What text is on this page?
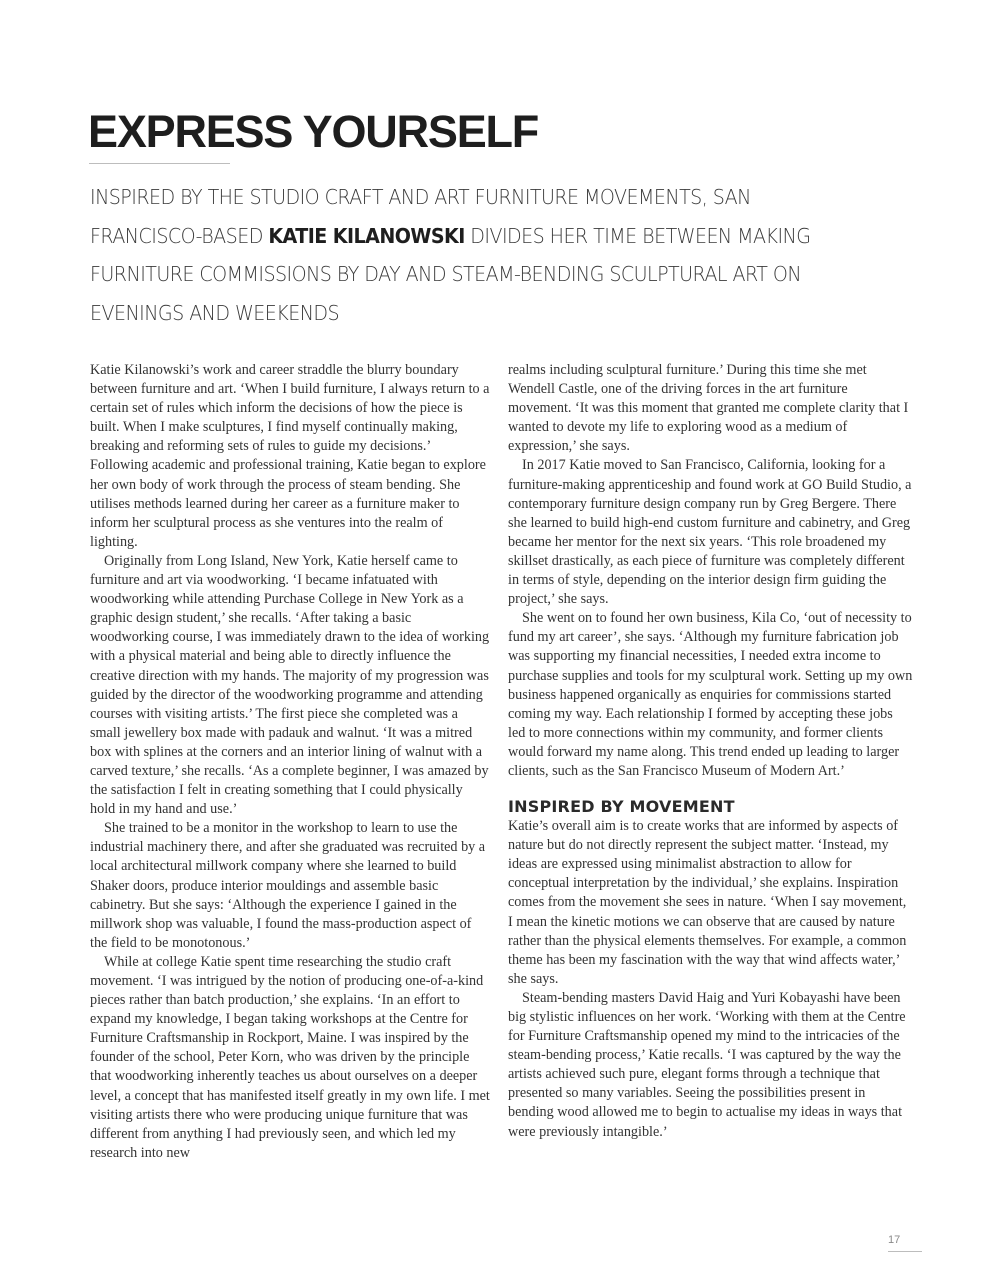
EXPRESS YOURSELF

INSPIRED BY THE STUDIO CRAFT AND ART FURNITURE MOVEMENTS, SAN FRANCISCO-BASED KATIE KILANOWSKI DIVIDES HER TIME BETWEEN MAKING FURNITURE COMMISSIONS BY DAY AND STEAM-BENDING SCULPTURAL ART ON EVENINGS AND WEEKENDS

Katie Kilanowski’s work and career straddle the blurry boundary between furniture and art. ‘When I build furniture, I always return to a certain set of rules which inform the decisions of how the piece is built. When I make sculptures, I find myself continually making, breaking and reforming sets of rules to guide my decisions.’ Following academic and professional training, Katie began to explore her own body of work through the process of steam bending. She utilises methods learned during her career as a furniture maker to inform her sculptural process as she ventures into the realm of lighting.

Originally from Long Island, New York, Katie herself came to furniture and art via woodworking. ‘I became infatuated with woodworking while attending Purchase College in New York as a graphic design student,’ she recalls. ‘After taking a basic woodworking course, I was immediately drawn to the idea of working with a physical material and being able to directly influence the creative direction with my hands. The majority of my progression was guided by the director of the woodworking programme and attending courses with visiting artists.’ The first piece she completed was a small jewellery box made with padauk and walnut. ‘It was a mitred box with splines at the corners and an interior lining of walnut with a carved texture,’ she recalls. ‘As a complete beginner, I was amazed by the satisfaction I felt in creating something that I could physically hold in my hand and use.’

She trained to be a monitor in the workshop to learn to use the industrial machinery there, and after she graduated was recruited by a local architectural millwork company where she learned to build Shaker doors, produce interior mouldings and assemble basic cabinetry. But she says: ‘Although the experience I gained in the millwork shop was valuable, I found the mass-production aspect of the field to be monotonous.’

While at college Katie spent time researching the studio craft movement. ‘I was intrigued by the notion of producing one-of-a-kind pieces rather than batch production,’ she explains. ‘In an effort to expand my knowledge, I began taking workshops at the Centre for Furniture Craftsmanship in Rockport, Maine. I was inspired by the founder of the school, Peter Korn, who was driven by the principle that woodworking inherently teaches us about ourselves on a deeper level, a concept that has manifested itself greatly in my own life. I met visiting artists there who were producing unique furniture that was different from anything I had previously seen, and which led my research into new

realms including sculptural furniture.’ During this time she met Wendell Castle, one of the driving forces in the art furniture movement. ‘It was this moment that granted me complete clarity that I wanted to devote my life to exploring wood as a medium of expression,’ she says.

In 2017 Katie moved to San Francisco, California, looking for a furniture-making apprenticeship and found work at GO Build Studio, a contemporary furniture design company run by Greg Bergere. There she learned to build high-end custom furniture and cabinetry, and Greg became her mentor for the next six years. ‘This role broadened my skillset drastically, as each piece of furniture was completely different in terms of style, depending on the interior design firm guiding the project,’ she says.

She went on to found her own business, Kila Co, ‘out of necessity to fund my art career’, she says. ‘Although my furniture fabrication job was supporting my financial necessities, I needed extra income to purchase supplies and tools for my sculptural work. Setting up my own business happened organically as enquiries for commissions started coming my way. Each relationship I formed by accepting these jobs led to more connections within my community, and former clients would forward my name along. This trend ended up leading to larger clients, such as the San Francisco Museum of Modern Art.’

INSPIRED BY MOVEMENT

Katie’s overall aim is to create works that are informed by aspects of nature but do not directly represent the subject matter. ‘Instead, my ideas are expressed using minimalist abstraction to allow for conceptual interpretation by the individual,’ she explains. Inspiration comes from the movement she sees in nature. ‘When I say movement, I mean the kinetic motions we can observe that are caused by nature rather than the physical elements themselves. For example, a common theme has been my fascination with the way that wind affects water,’ she says.

Steam-bending masters David Haig and Yuri Kobayashi have been big stylistic influences on her work. ‘Working with them at the Centre for Furniture Craftsmanship opened my mind to the intricacies of the steam-bending process,’ Katie recalls. ‘I was captured by the way the artists achieved such pure, elegant forms through a technique that presented so many variables. Seeing the possibilities present in bending wood allowed me to begin to actualise my ideas in ways that were previously intangible.’

17
